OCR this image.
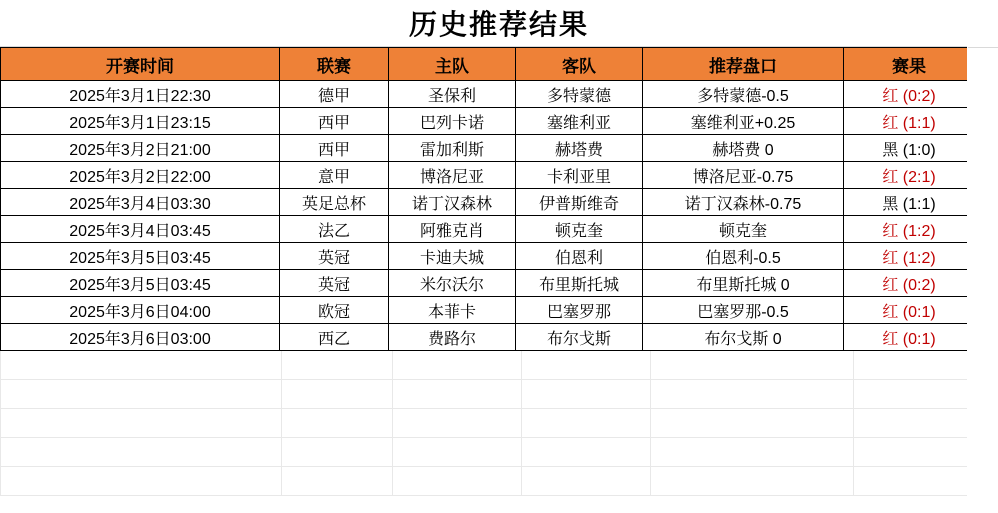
历史推荐结果
开赛时间	联赛	主队	客队	推荐盘口	赛果
2025年3月1日22:30	德甲	圣保利	多特蒙德	多特蒙德-0.5	红 (0:2)
2025年3月1日23:15	西甲	巴列卡诺	塞维利亚	塞维利亚+0.25	红 (1:1)
2025年3月2日21:00	西甲	雷加利斯	赫塔费	赫塔费 0	黑 (1:0)
2025年3月2日22:00	意甲	博洛尼亚	卡利亚里	博洛尼亚-0.75	红 (2:1)
2025年3月4日03:30	英足总杯	诺丁汉森林	伊普斯维奇	诺丁汉森林-0.75	黑 (1:1)
2025年3月4日03:45	法乙	阿雅克肖	顿克奎	顿克奎	红 (1:2)
2025年3月5日03:45	英冠	卡迪夫城	伯恩利	伯恩利-0.5	红 (1:2)
2025年3月5日03:45	英冠	米尔沃尔	布里斯托城	布里斯托城 0	红 (0:2)
2025年3月6日04:00	欧冠	本菲卡	巴塞罗那	巴塞罗那-0.5	红 (0:1)
2025年3月6日03:00	西乙	费路尔	布尔戈斯	布尔戈斯 0	红 (0:1)
